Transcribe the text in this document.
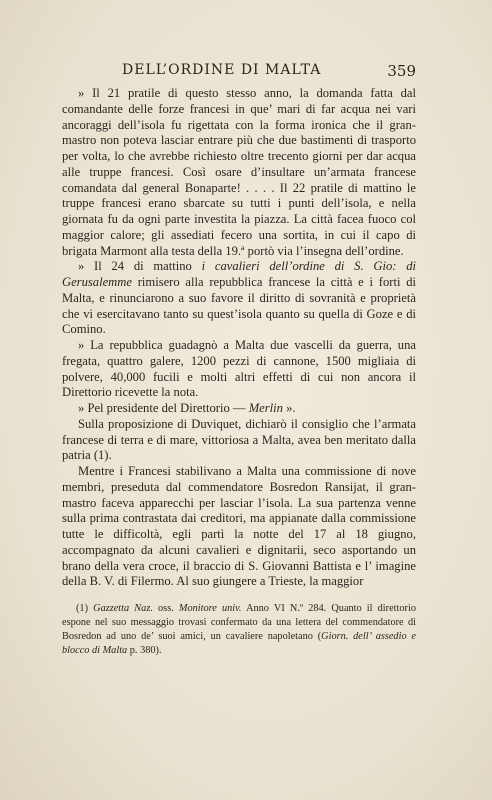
DELL’ORDINE DI MALTA	359

» Il 21 pratile di questo stesso anno, la domanda fatta dal comandante delle forze francesi in que’ mari di far acqua nei vari ancoraggi dell’isola fu rigettata con la forma ironica che il gran-mastro non poteva lasciar entrare più che due bastimenti di trasporto per volta, lo che avrebbe richiesto oltre trecento giorni per dar acqua alle truppe francesi. Così osare d’insultare un’armata francese comandata dal general Bonaparte! . . . . Il 22 pratile di mattino le truppe francesi erano sbarcate su tutti i punti dell’isola, e nella giornata fu da ogni parte investita la piazza. La città facea fuoco col maggior calore; gli assediati fecero una sortita, in cui il capo di brigata Marmont alla testa della 19.ª portò via l’insegna dell’ordine.

» Il 24 di mattino i cavalieri dell’ordine di S. Gio: di Gerusalemme rimisero alla repubblica francese la città e i forti di Malta, e rinunciarono a suo favore il diritto di sovranità e proprietà che vi esercitavano tanto su quest’isola quanto su quella di Goze e di Comino.

» La repubblica guadagnò a Malta due vascelli da guerra, una fregata, quattro galere, 1200 pezzi di cannone, 1500 migliaia di polvere, 40,000 fucili e molti altri effetti di cui non ancora il Direttorio ricevette la nota.

» Pel presidente del Direttorio — Merlin ».

Sulla proposizione di Duviquet, dichiarò il consiglio che l’armata francese di terra e di mare, vittoriosa a Malta, avea ben meritato dalla patria (1).

Mentre i Francesi stabilivano a Malta una commissione di nove membri, preseduta dal commendatore Bosredon Ransijat, il gran-mastro faceva apparecchi per lasciar l’isola. La sua partenza venne sulla prima contrastata dai creditori, ma appianate dalla commissione tutte le difficoltà, egli partì la notte del 17 al 18 giugno, accompagnato da alcuni cavalieri e dignitarii, seco asportando un brano della vera croce, il braccio di S. Giovanni Battista e l’ imagine della B. V. di Filermo. Al suo giungere a Trieste, la maggior

(1) Gazzetta Naz. oss. Monitore univ. Anno VI N.º 284. Quanto il direttorio espone nel suo messaggio trovasi confermato da una lettera del commendatore di Bosredon ad uno de’ suoi amici, un cavaliere napoletano (Giorn. dell’ assedio e blocco di Malta p. 380).
